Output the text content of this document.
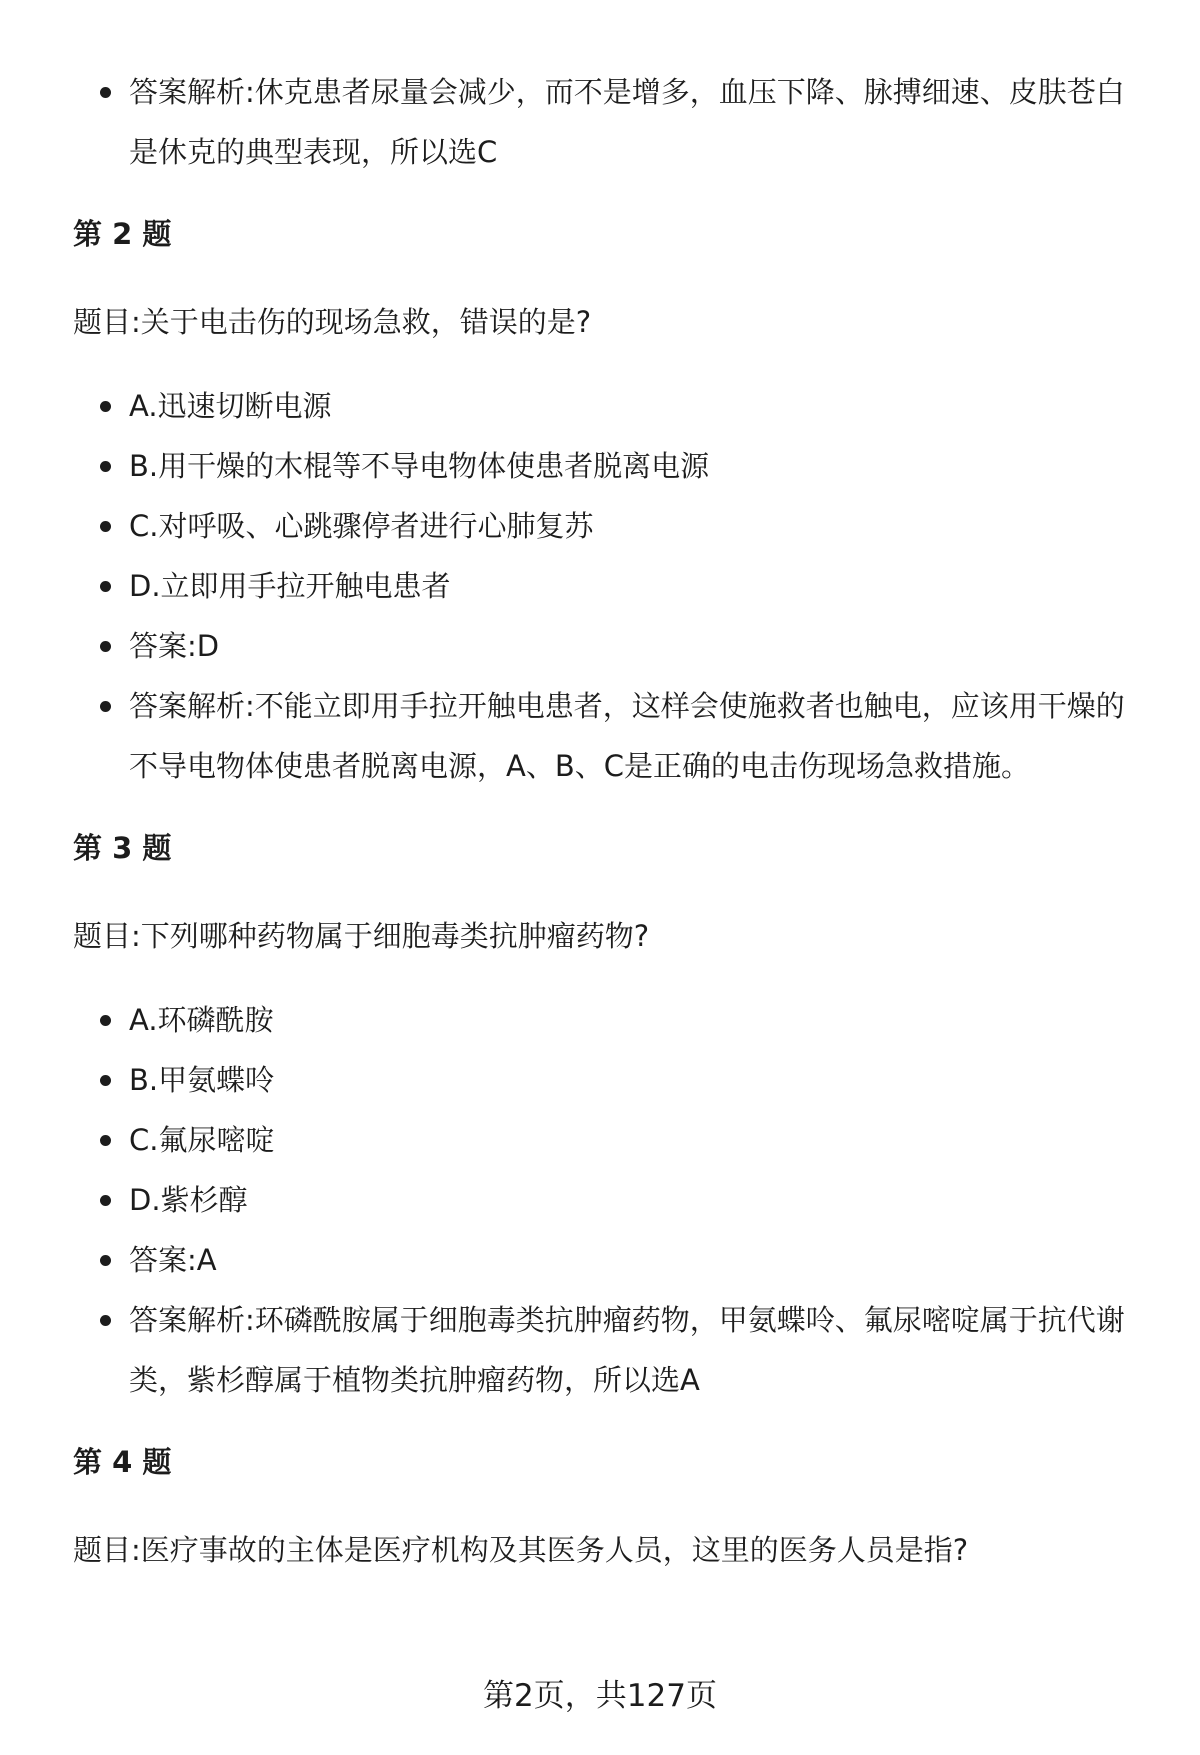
答案解析:休克患者尿量会减少，而不是增多，血压下降、脉搏细速、皮肤苍白是休克的典型表现，所以选C
第 2 题

题目:关于电击伤的现场急救，错误的是?

A.迅速切断电源
B.用干燥的木棍等不导电物体使患者脱离电源
C.对呼吸、心跳骤停者进行心肺复苏
D.立即用手拉开触电患者
答案:D
答案解析:不能立即用手拉开触电患者，这样会使施救者也触电，应该用干燥的不导电物体使患者脱离电源，A、B、C是正确的电击伤现场急救措施。
第 3 题

题目:下列哪种药物属于细胞毒类抗肿瘤药物?

A.环磷酰胺
B.甲氨蝶呤
C.氟尿嘧啶
D.紫杉醇
答案:A
答案解析:环磷酰胺属于细胞毒类抗肿瘤药物，甲氨蝶呤、氟尿嘧啶属于抗代谢类，紫杉醇属于植物类抗肿瘤药物，所以选A
第 4 题

题目:医疗事故的主体是医疗机构及其医务人员，这里的医务人员是指?

第2页，共127页
